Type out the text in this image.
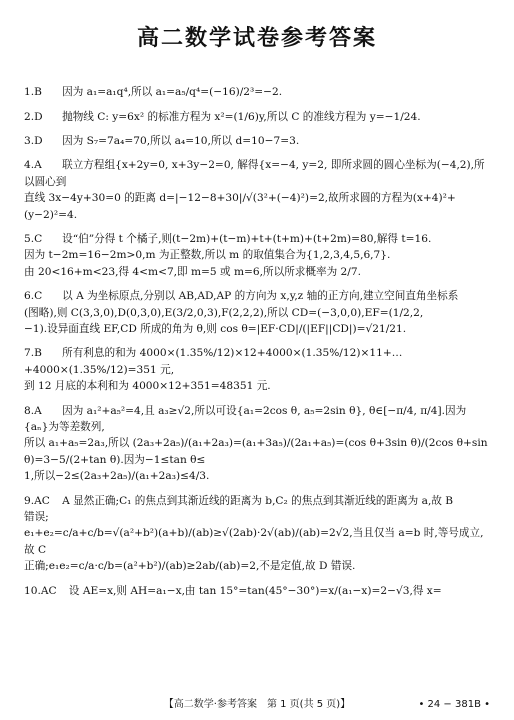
高二数学试卷参考答案

1.B 因为 a₁=a₁q⁴,所以 a₁=a₅/q⁴=(−16)/2³=−2.

2.D 抛物线 C: y=6x² 的标准方程为 x²=(1/6)y,所以 C 的准线方程为 y=−1/24.

3.D 因为 S₇=7a₄=70,所以 a₄=10,所以 d=10−7=3.

4.A 联立方程组{x+2y=0, x+3y−2=0, 解得{x=−4, y=2, 即所求圆的圆心坐标为(−4,2),所以圆心到

直线 3x−4y+30=0 的距离 d=|−12−8+30|/√(3²+(−4)²)=2,故所求圆的方程为(x+4)²+(y−2)²=4.

5.C 设“伯”分得 t 个橘子,则(t−2m)+(t−m)+t+(t+m)+(t+2m)=80,解得 t=16.

因为 t−2m=16−2m>0,m 为正整数,所以 m 的取值集合为{1,2,3,4,5,6,7}.

由 20<16+m<23,得 4<m<7,即 m=5 或 m=6,所以所求概率为 2/7.

6.C 以 A 为坐标原点,分别以 AB,AD,AP 的方向为 x,y,z 轴的正方向,建立空间直角坐标系

(图略),则 C(3,3,0),D(0,3,0),E(3/2,0,3),F(2,2,2),所以 CD=(−3,0,0),EF=(1/2,2,

−1).设异面直线 EF,CD 所成的角为 θ,则 cos θ=|EF·CD|/(|EF||CD|)=√21/21.

7.B 所有利息的和为 4000×(1.35%/12)×12+4000×(1.35%/12)×11+…+4000×(1.35%/12)=351 元,

到 12 月底的本利和为 4000×12+351=48351 元.

8.A 因为 a₁²+a₅²=4,且 a₃≥√2,所以可设{a₁=2cos θ, a₅=2sin θ}, θ∈[−π/4, π/4].因为{aₙ}为等差数列,

所以 a₁+a₅=2a₃,所以 (2a₃+2a₅)/(a₁+2a₃)=(a₁+3a₅)/(2a₁+a₅)=(cos θ+3sin θ)/(2cos θ+sin θ)=3−5/(2+tan θ).因为−1≤tan θ≤

1,所以−2≤(2a₃+2a₅)/(a₁+2a₃)≤4/3.

9.AC A 显然正确;C₁ 的焦点到其渐近线的距离为 b,C₂ 的焦点到其渐近线的距离为 a,故 B

错误;

e₁+e₂=c/a+c/b=√(a²+b²)(a+b)/(ab)≥√(2ab)·2√(ab)/(ab)=2√2,当且仅当 a=b 时,等号成立,故 C

正确;e₁e₂=c/a·c/b=(a²+b²)/(ab)≥2ab/(ab)=2,不是定值,故 D 错误.

10.AC 设 AE=x,则 AH=a₁−x,由 tan 15°=tan(45°−30°)=x/(a₁−x)=2−√3,得 x=

【高二数学·参考答案　第 1 页(共 5 页)】	• 24 − 381B •
